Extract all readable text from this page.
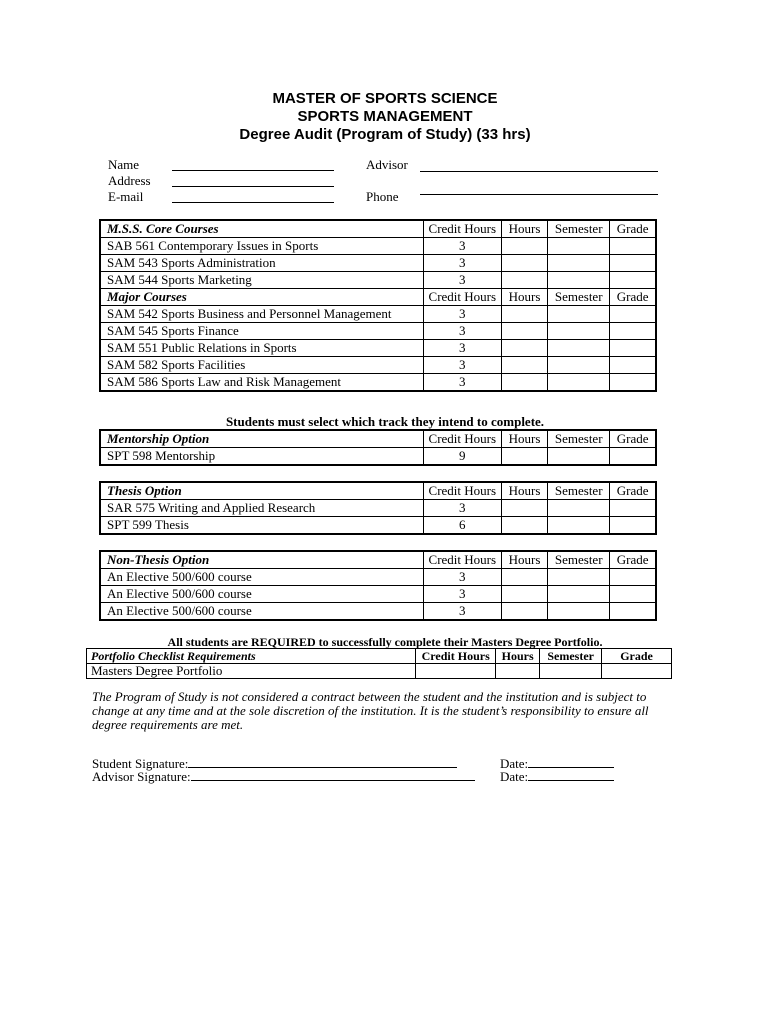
MASTER OF SPORTS SCIENCE
SPORTS MANAGEMENT
Degree Audit (Program of Study) (33 hrs)
Name
Address
E-mail
Advisor
Phone
M.S.S. Core Courses	Credit Hours	Hours	Semester	Grade
SAB 561 Contemporary Issues in Sports	3			
SAM 543 Sports Administration	3			
SAM 544 Sports Marketing	3			
Major Courses	Credit Hours	Hours	Semester	Grade
SAM 542 Sports Business and Personnel Management	3			
SAM 545 Sports Finance	3			
SAM 551 Public Relations in Sports	3			
SAM 582 Sports Facilities	3			
SAM 586 Sports Law and Risk Management	3			
Students must select which track they intend to complete.
Mentorship Option	Credit Hours	Hours	Semester	Grade
SPT 598 Mentorship	9			
Thesis Option	Credit Hours	Hours	Semester	Grade
SAR 575 Writing and Applied Research	3			
SPT 599 Thesis	6			
Non-Thesis Option	Credit Hours	Hours	Semester	Grade
An Elective 500/600 course	3			
An Elective 500/600 course	3			
An Elective 500/600 course	3			
All students are REQUIRED to successfully complete their Masters Degree Portfolio.
Portfolio Checklist Requirements	Credit Hours	Hours	Semester	Grade
Masters Degree Portfolio				
The Program of Study is not considered a contract between the student and the institution and is subject to change at any time and at the sole discretion of the institution. It is the student’s responsibility to ensure all degree requirements are met.
Student Signature:
Advisor Signature:
Date:
Date:
